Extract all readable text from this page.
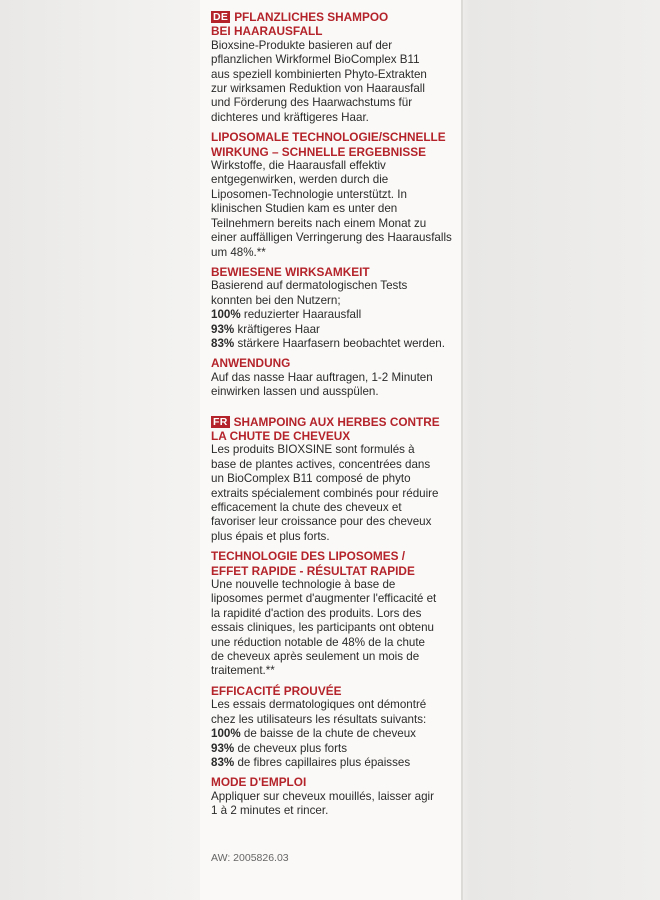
DE PFLANZLICHES SHAMPOO
BEI HAARAUSFALL
Bioxsine-Produkte basieren auf der
pflanzlichen Wirkformel BioComplex B11
aus speziell kombinierten Phyto-Extrakten
zur wirksamen Reduktion von Haarausfall
und Förderung des Haarwachstums für
dichteres und kräftigeres Haar.
LIPOSOMALE TECHNOLOGIE/SCHNELLE
WIRKUNG – SCHNELLE ERGEBNISSE
Wirkstoffe, die Haarausfall effektiv
entgegenwirken, werden durch die
Liposomen-Technologie unterstützt. In
klinischen Studien kam es unter den
Teilnehmern bereits nach einem Monat zu
einer auffälligen Verringerung des Haarausfalls
um 48%.**
BEWIESENE WIRKSAMKEIT
Basierend auf dermatologischen Tests
konnten bei den Nutzern;
100% reduzierter Haarausfall
93% kräftigeres Haar
83% stärkere Haarfasern beobachtet werden.
ANWENDUNG
Auf das nasse Haar auftragen, 1-2 Minuten
einwirken lassen und ausspülen.
FR SHAMPOING AUX HERBES CONTRE
LA CHUTE DE CHEVEUX
Les produits BIOXSINE sont formulés à
base de plantes actives, concentrées dans
un BioComplex B11 composé de phyto
extraits spécialement combinés pour réduire
efficacement la chute des cheveux et
favoriser leur croissance pour des cheveux
plus épais et plus forts.
TECHNOLOGIE DES LIPOSOMES /
EFFET RAPIDE - RÉSULTAT RAPIDE
Une nouvelle technologie à base de
liposomes permet d'augmenter l'efficacité et
la rapidité d'action des produits. Lors des
essais cliniques, les participants ont obtenu
une réduction notable de 48% de la chute
de cheveux après seulement un mois de
traitement.**
EFFICACITÉ PROUVÉE
Les essais dermatologiques ont démontré
chez les utilisateurs les résultats suivants:
100% de baisse de la chute de cheveux
93% de cheveux plus forts
83% de fibres capillaires plus épaisses
MODE D'EMPLOI
Appliquer sur cheveux mouillés, laisser agir
1 à 2 minutes et rincer.
AW: 2005826.03
